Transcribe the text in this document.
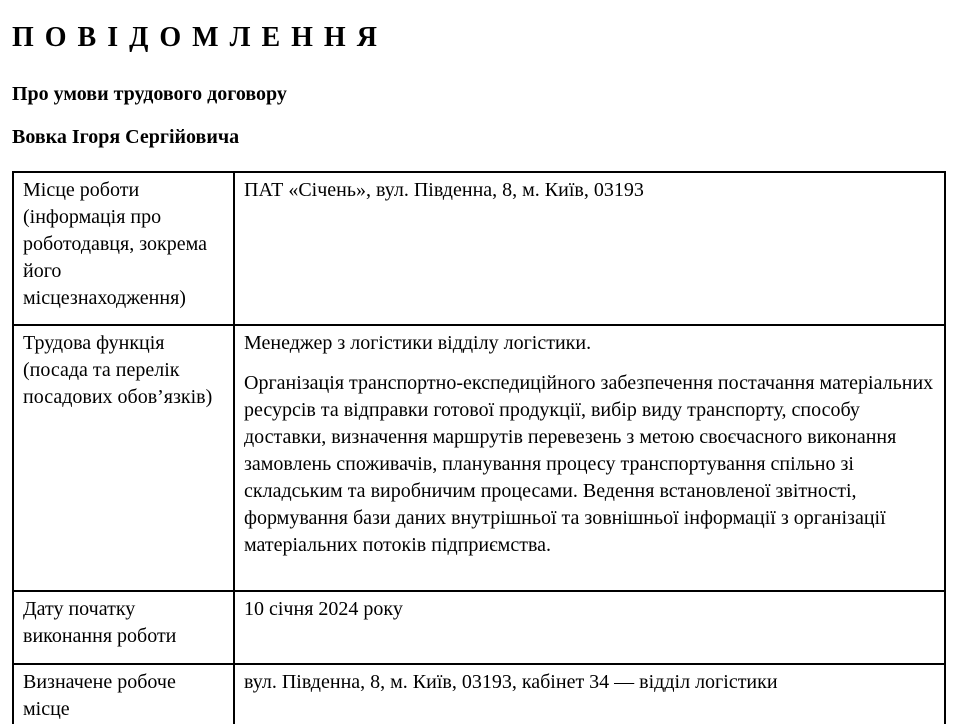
П О В І Д О М Л Е Н Н Я

Про умови трудового договору

Вовка Ігоря Сергійовича

Місце роботи (інформація про роботодавця, зокрема його місцезнаходження)	ПАТ «Січень», вул. Південна, 8, м. Київ, 03193

Трудова функція (посада та перелік посадових обов’язків)	Менеджер з логістики відділу логістики.

Організація транспортно-експедиційного забезпечення постачання матеріальних ресурсів та відправки готової продукції, вибір виду транспорту, способу доставки, визначення маршрутів перевезень з метою своєчасного виконання замовлень споживачів, планування процесу транспортування спільно зі складським та виробничим процесами. Ведення встановленої звітності, формування бази даних внутрішньої та зовнішньої інформації з організації матеріальних потоків підприємства.

Дату початку виконання роботи	10 січня 2024 року

Визначене робоче місце	вул. Південна, 8, м. Київ, 03193, кабінет 34 — відділ логістики
